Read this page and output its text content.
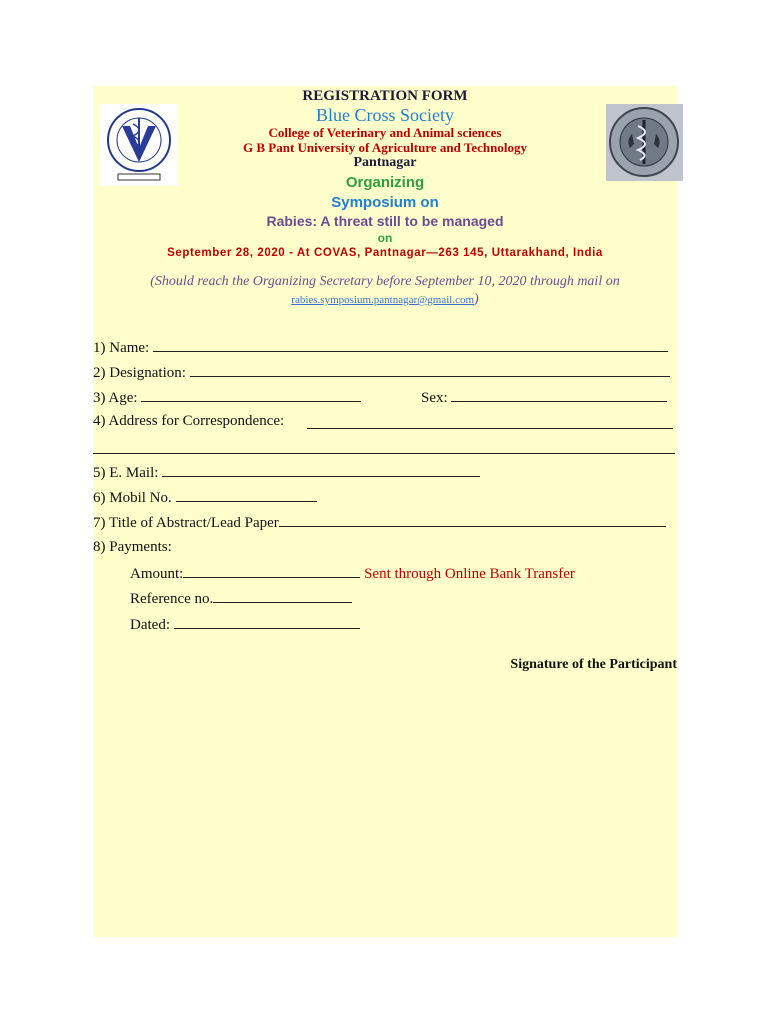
REGISTRATION FORM
Blue Cross Society
College of Veterinary and Animal sciences
G B Pant University of Agriculture and Technology
Pantnagar
Organizing
Symposium on
Rabies: A threat still to be managed
on
September 28, 2020 - At COVAS, Pantnagar—263 145, Uttarakhand, India
(Should reach the Organizing Secretary before September 10, 2020 through mail on
rabies.symposium.pantnagar@gmail.com)
1) Name:
2) Designation:
3) Age:	Sex:
4) Address for Correspondence:
5) E. Mail:
6) Mobil No.
7) Title of Abstract/Lead Paper
8) Payments:
Amount:	Sent through Online Bank Transfer
Reference no.
Dated:
Signature of the Participant
